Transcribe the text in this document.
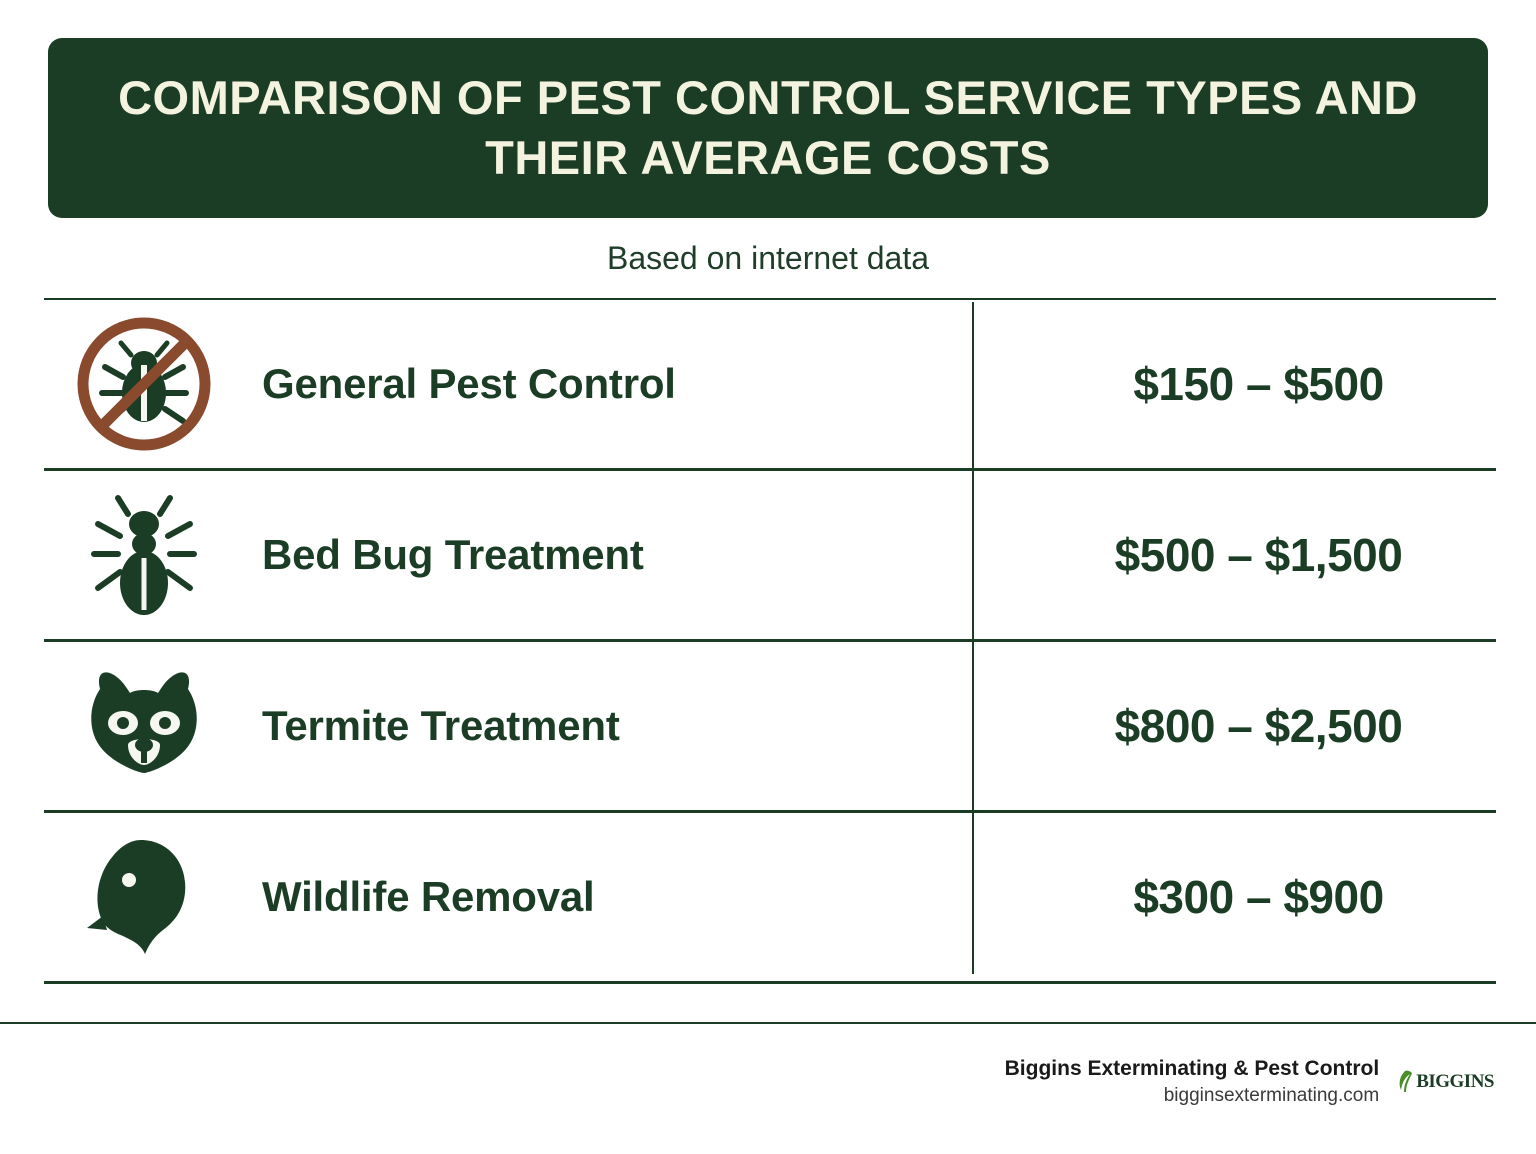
COMPARISON OF PEST CONTROL SERVICE TYPES AND THEIR AVERAGE COSTS
Based on internet data
General Pest Control	$150 – $500
Bed Bug Treatment	$500 – $1,500
Termite Treatment	$800 – $2,500
Wildlife Removal	$300 – $900
Biggins Exterminating & Pest Control
bigginsexterminating.com
BIGGINS
